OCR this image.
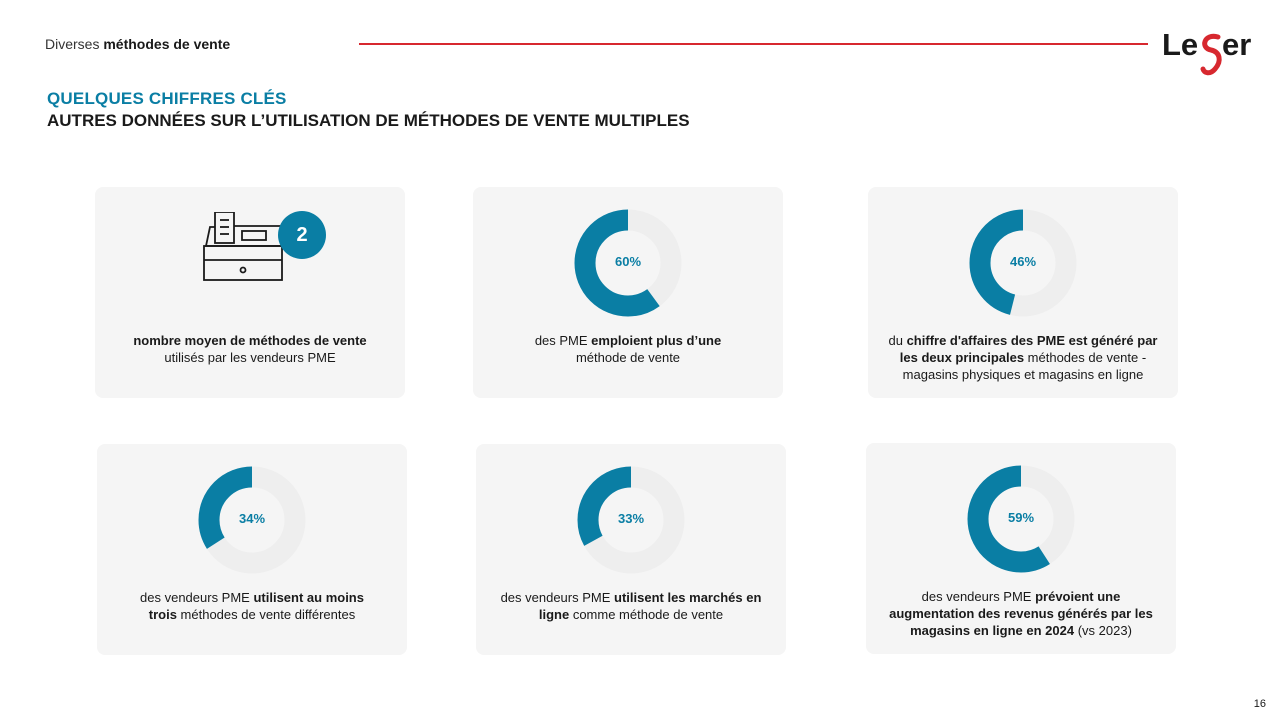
Diverses méthodes de vente	Le er
QUELQUES CHIFFRES CLÉS
AUTRES DONNÉES SUR L’UTILISATION DE MÉTHODES DE VENTE MULTIPLES
2
nombre moyen de méthodes de vente
utilisés par les vendeurs PME
60%
des PME emploient plus d’une
méthode de vente
46%
du chiffre d'affaires des PME est généré par
les deux principales méthodes de vente -
magasins physiques et magasins en ligne
34%
des vendeurs PME utilisent au moins
trois méthodes de vente différentes
33%
des vendeurs PME utilisent les marchés en
ligne comme méthode de vente
59%
des vendeurs PME prévoient une
augmentation des revenus générés par les
magasins en ligne en 2024 (vs 2023)
16
